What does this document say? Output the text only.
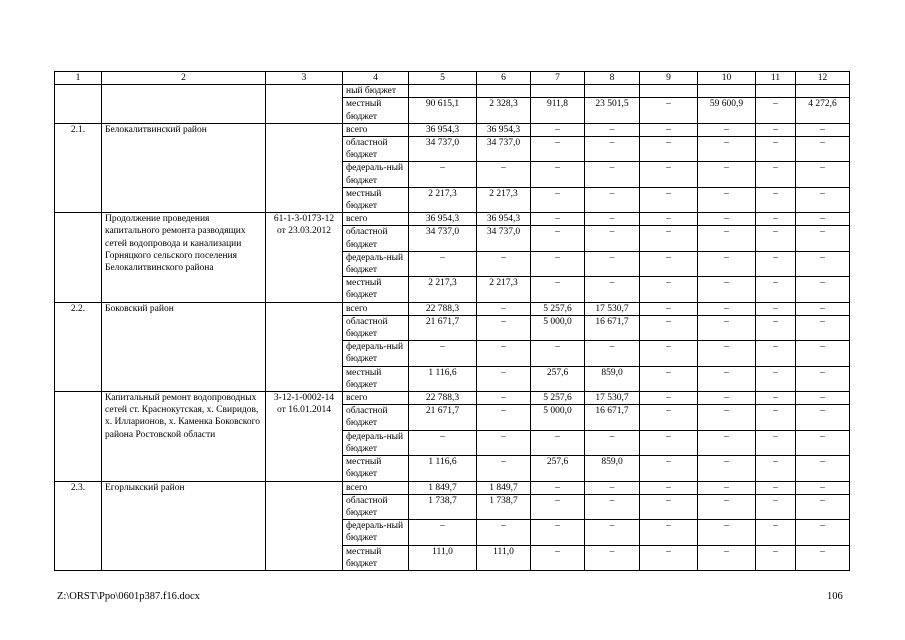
1	2	3	4	5	6	7	8	9	10	11	12
			ный бюджет								
			местный бюджет	90 615,1	2 328,3	911,8	23 501,5	–	59 600,9	–	4 272,6
2.1.	Белокалитвинский район		всего	36 954,3	36 954,3	–	–	–	–	–	–
			областной бюджет	34 737,0	34 737,0	–	–	–	–	–	–
			федераль-ный бюджет	–	–	–	–	–	–	–	–
			местный бюджет	2 217,3	2 217,3	–	–	–	–	–	–
	Продолжение проведения капитального ремонта разводящих сетей водопровода и канализации Горняцкого сельского поселения Белокалитвинского района	61-1-3-0173-12 от 23.03.2012	всего	36 954,3	36 954,3	–	–	–	–	–	–
			областной бюджет	34 737,0	34 737,0	–	–	–	–	–	–
			федераль-ный бюджет	–	–	–	–	–	–	–	–
			местный бюджет	2 217,3	2 217,3	–	–	–	–	–	–
2.2.	Боковский район		всего	22 788,3	–	5 257,6	17 530,7	–	–	–	–
			областной бюджет	21 671,7	–	5 000,0	16 671,7	–	–	–	–
			федераль-ный бюджет	–	–	–	–	–	–	–	–
			местный бюджет	1 116,6	–	257,6	859,0	–	–	–	–
	Капитальный ремонт водопроводных сетей ст. Краснокутская, х. Свиридов, х. Илларионов, х. Каменка Боковского района Ростовской области	3-12-1-0002-14 от 16.01.2014	всего	22 788,3	–	5 257,6	17 530,7	–	–	–	–
			областной бюджет	21 671,7	–	5 000,0	16 671,7	–	–	–	–
			федераль-ный бюджет	–	–	–	–	–	–	–	–
			местный бюджет	1 116,6	–	257,6	859,0	–	–	–	–
2.3.	Егорлыкский район		всего	1 849,7	1 849,7	–	–	–	–	–	–
			областной бюджет	1 738,7	1 738,7	–	–	–	–	–	–
			федераль-ный бюджет	–	–	–	–	–	–	–	–
			местный бюджет	111,0	111,0	–	–	–	–	–	–
Z:\ORST\Ppo\0601p387.f16.docx	106
